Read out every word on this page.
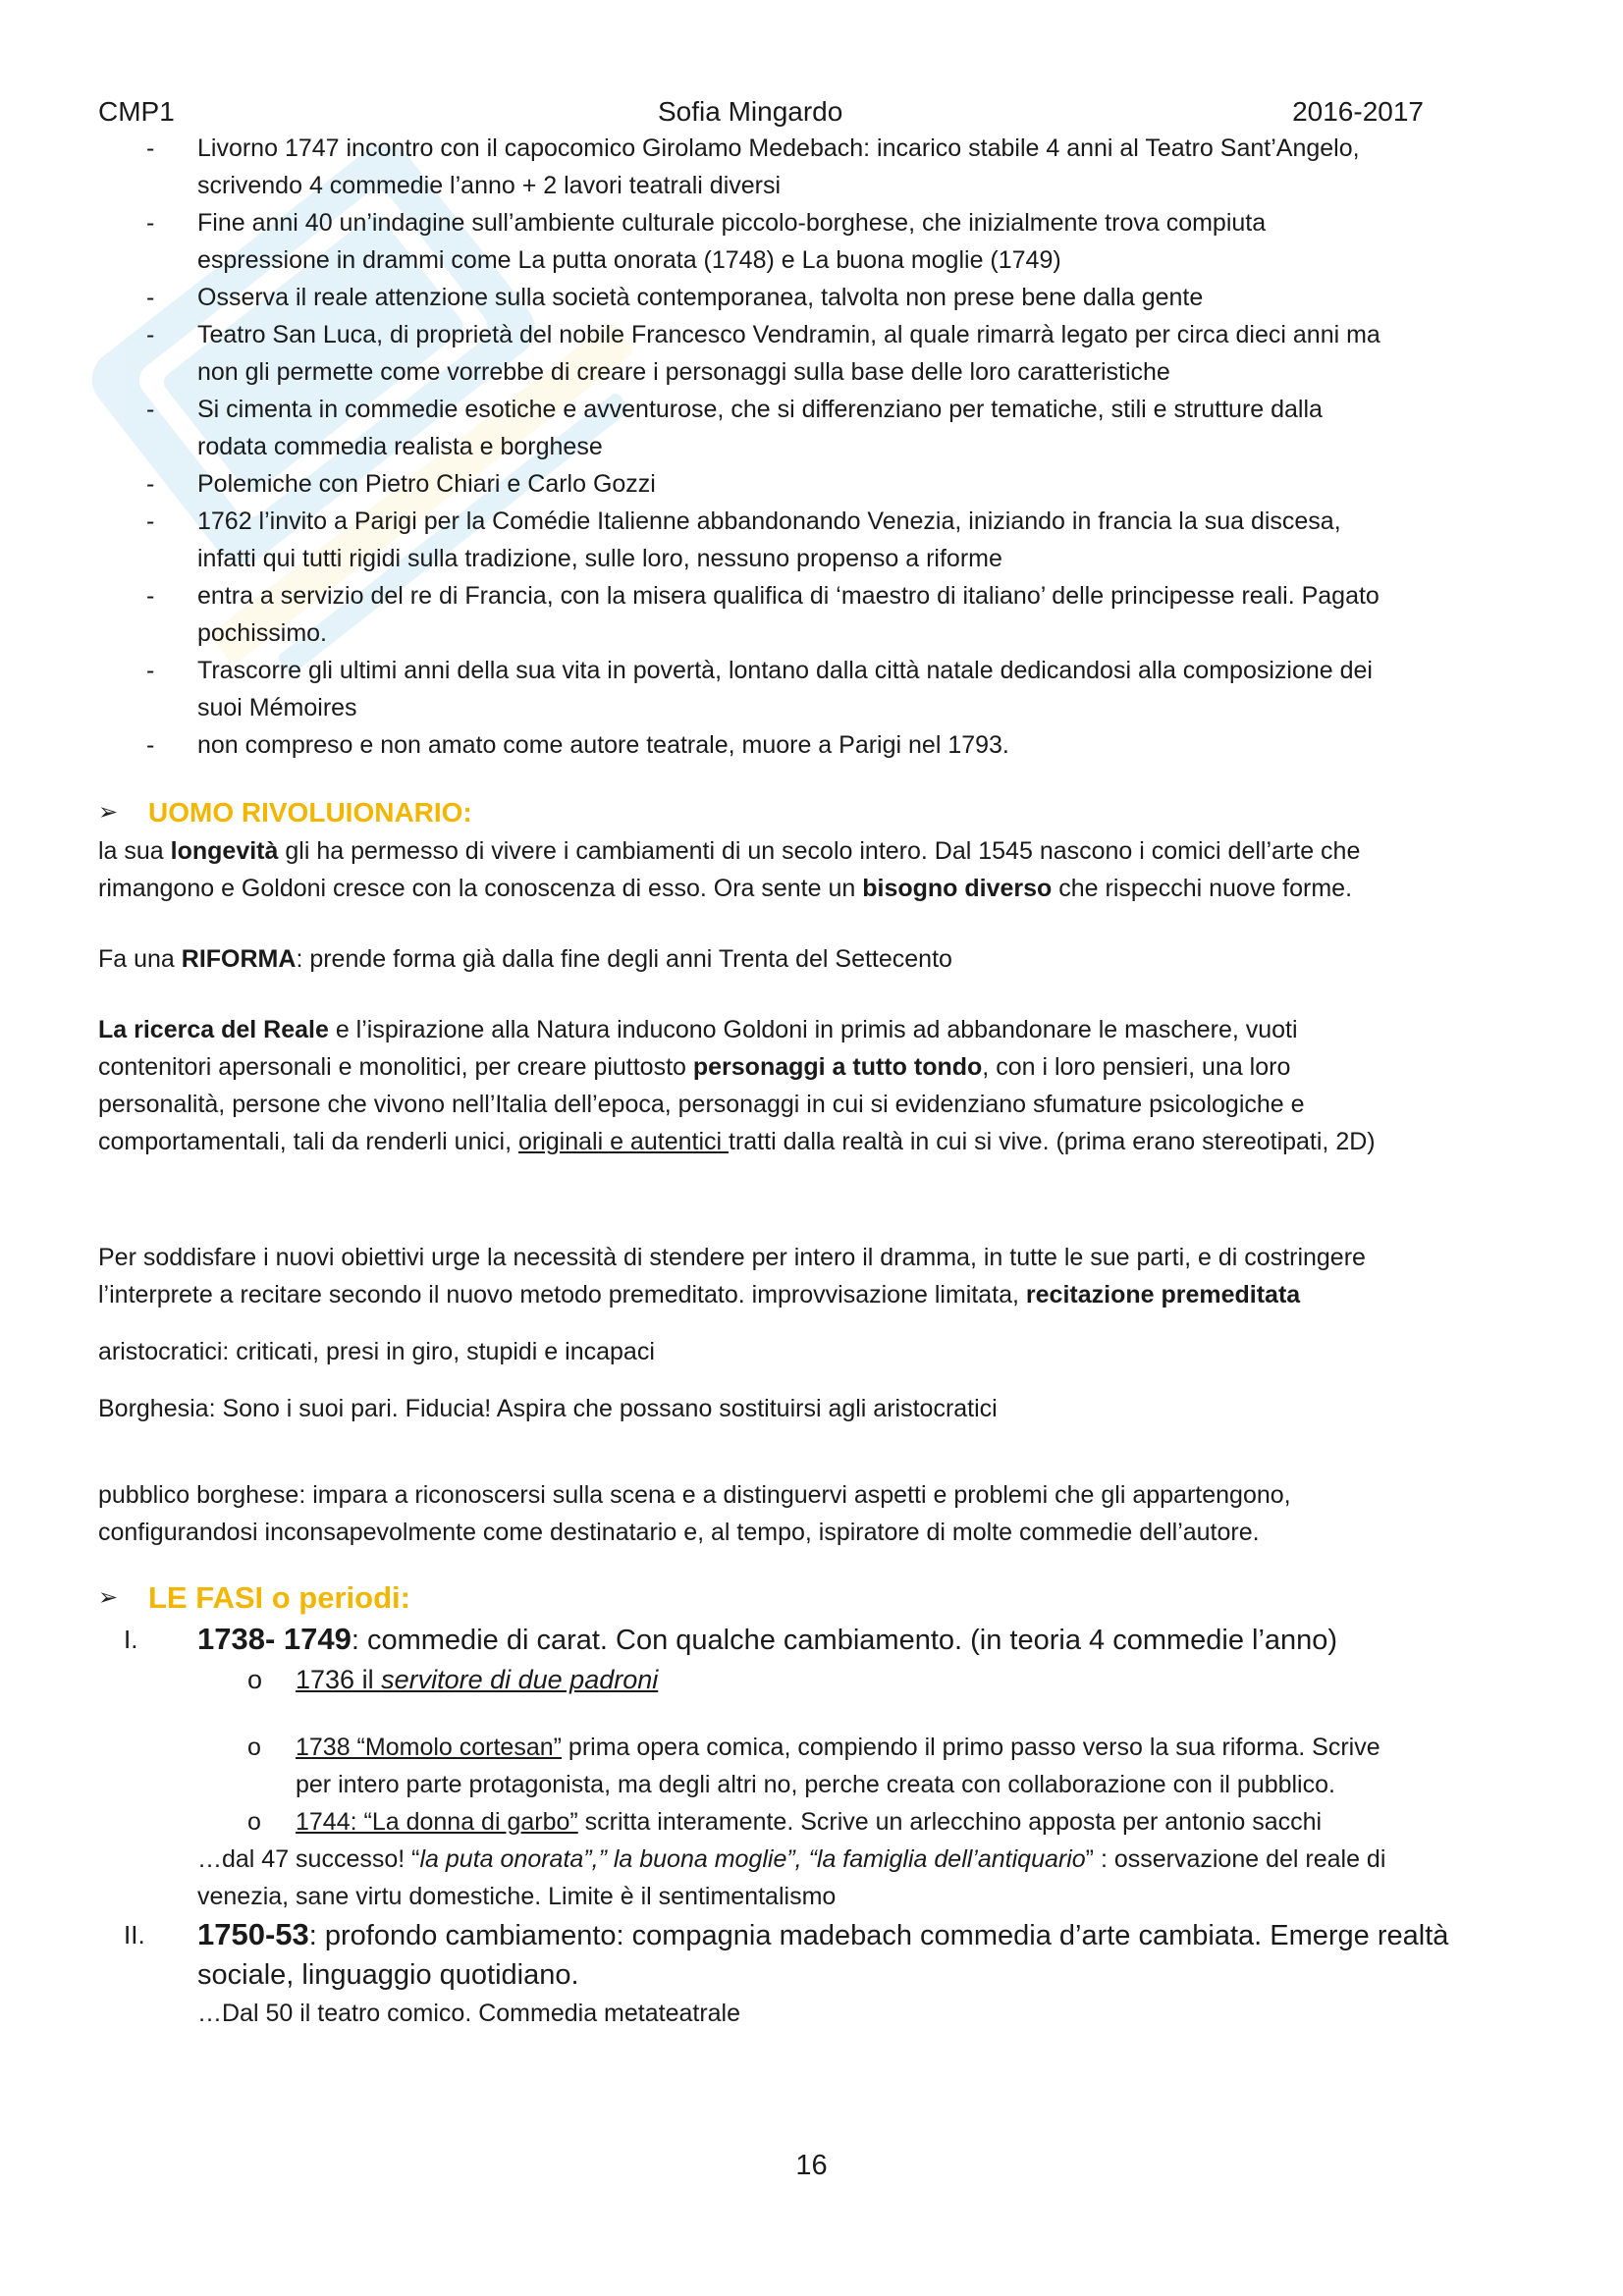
CMP1	Sofia Mingardo	2016-2017
- Livorno 1747 incontro con il capocomico Girolamo Medebach: incarico stabile 4 anni al Teatro Sant’Angelo,
scrivendo 4 commedie l’anno + 2 lavori teatrali diversi
- Fine anni 40 un’indagine sull’ambiente culturale piccolo-borghese, che inizialmente trova compiuta
espressione in drammi come La putta onorata (1748) e La buona moglie (1749)
- Osserva il reale attenzione sulla società contemporanea, talvolta non prese bene dalla gente
- Teatro San Luca, di proprietà del nobile Francesco Vendramin, al quale rimarrà legato per circa dieci anni ma
non gli permette come vorrebbe di creare i personaggi sulla base delle loro caratteristiche
- Si cimenta in commedie esotiche e avventurose, che si differenziano per tematiche, stili e strutture dalla
rodata commedia realista e borghese
- Polemiche con Pietro Chiari e Carlo Gozzi
- 1762 l’invito a Parigi per la Comédie Italienne abbandonando Venezia, iniziando in francia la sua discesa,
infatti qui tutti rigidi sulla tradizione, sulle loro, nessuno propenso a riforme
- entra a servizio del re di Francia, con la misera qualifica di ‘maestro di italiano’ delle principesse reali. Pagato
pochissimo.
- Trascorre gli ultimi anni della sua vita in povertà, lontano dalla città natale dedicandosi alla composizione dei
suoi Mémoires
- non compreso e non amato come autore teatrale, muore a Parigi nel 1793.
➢ UOMO RIVOLUIONARIO:

la sua longevità gli ha permesso di vivere i cambiamenti di un secolo intero. Dal 1545 nascono i comici dell’arte che
rimangono e Goldoni cresce con la conoscenza di esso. Ora sente un bisogno diverso che rispecchi nuove forme.

Fa una RIFORMA: prende forma già dalla fine degli anni Trenta del Settecento

La ricerca del Reale e l’ispirazione alla Natura inducono Goldoni in primis ad abbandonare le maschere, vuoti
contenitori apersonali e monolitici, per creare piuttosto personaggi a tutto tondo, con i loro pensieri, una loro
personalità, persone che vivono nell’Italia dell’epoca, personaggi in cui si evidenziano sfumature psicologiche e
comportamentali, tali da renderli unici, originali e autentici tratti dalla realtà in cui si vive. (prima erano stereotipati, 2D)

Per soddisfare i nuovi obiettivi urge la necessità di stendere per intero il dramma, in tutte le sue parti, e di costringere
l’interprete a recitare secondo il nuovo metodo premeditato. improvvisazione limitata, recitazione premeditata

aristocratici: criticati, presi in giro, stupidi e incapaci

Borghesia: Sono i suoi pari. Fiducia! Aspira che possano sostituirsi agli aristocratici

pubblico borghese: impara a riconoscersi sulla scena e a distinguervi aspetti e problemi che gli appartengono,
configurandosi inconsapevolmente come destinatario e, al tempo, ispiratore di molte commedie dell’autore.

➢ LE FASI o periodi:
I. 1738- 1749: commedie di carat. Con qualche cambiamento. (in teoria 4 commedie l’anno)
o 1736 il servitore di due padroni
o 1738 “Momolo cortesan” prima opera comica, compiendo il primo passo verso la sua riforma. Scrive
per intero parte protagonista, ma degli altri no, perche creata con collaborazione con il pubblico.
o 1744: “La donna di garbo” scritta interamente. Scrive un arlecchino apposta per antonio sacchi
…dal 47 successo! “la puta onorata”,” la buona moglie”, “la famiglia dell’antiquario” : osservazione del reale di
venezia, sane virtu domestiche. Limite è il sentimentalismo
II. 1750-53: profondo cambiamento: compagnia madebach commedia d’arte cambiata. Emerge realtà
sociale, linguaggio quotidiano.
…Dal 50 il teatro comico. Commedia metateatrale
16
